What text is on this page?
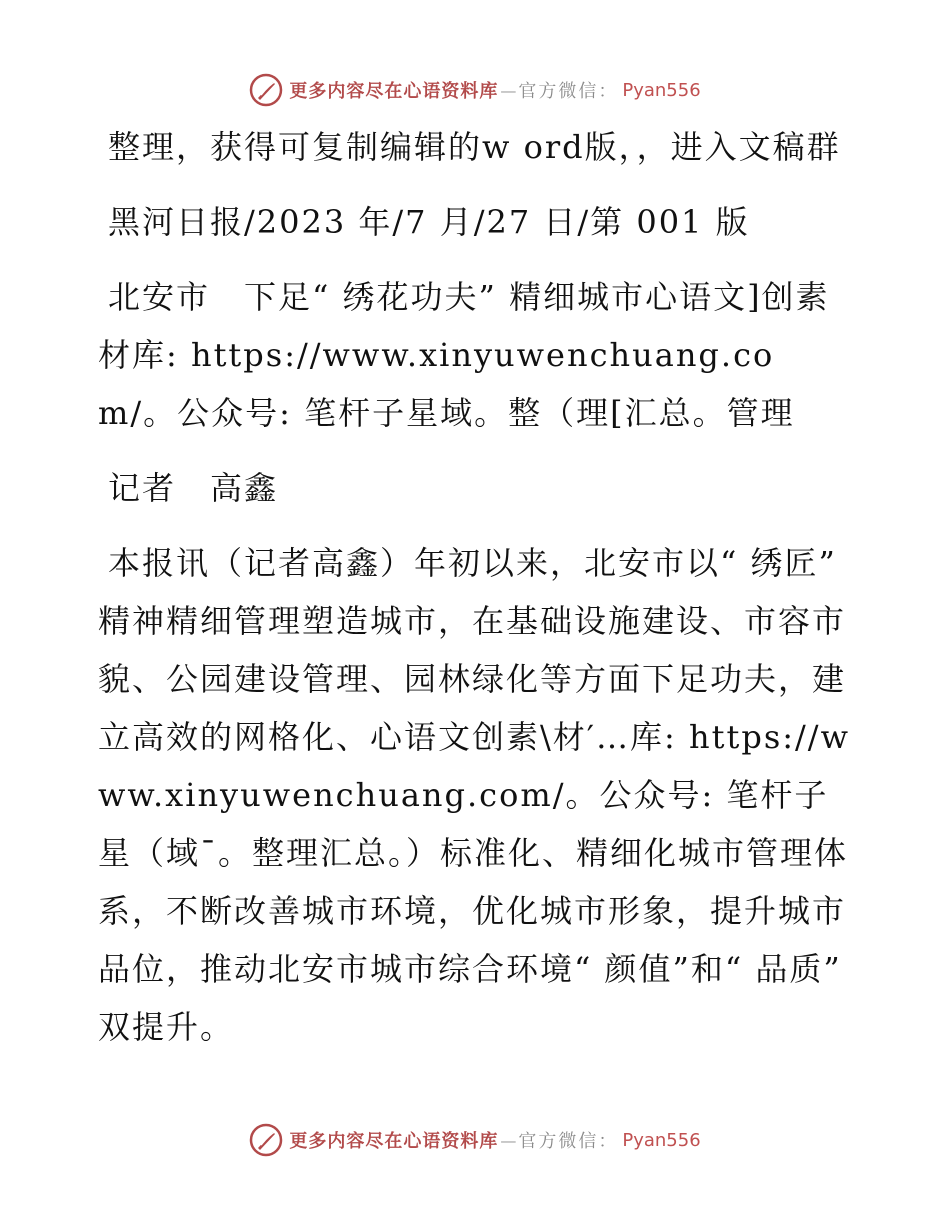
更多内容尽在心语资料库 — 官方微信： Pyan556

整理，获得可复制编辑的w ord版，，进入文稿群

黑河日报/2023 年/7 月/27 日/第 001 版

北安市　下足“ 绣花功夫” 精细城市心语文]创素材库: https://www.xinyuwenchuang.com/。公众号: 笔杆子星域。整（理[汇总。管理

记者　高鑫

本报讯（记者高鑫）年初以来，北安市以“ 绣匠” 精神精细管理塑造城市，在基础设施建设、市容市貌、公园建设管理、园林绿化等方面下足功夫，建立高效的网格化、心语文创素\材′…库: https://www.xinyuwenchuang.com/。公众号: 笔杆子星（域¯。整理汇总。）标准化、精细化城市管理体系，不断改善城市环境，优化城市形象，提升城市品位，推动北安市城市综合环境“ 颜值”和“ 品质” 双提升。

更多内容尽在心语资料库 — 官方微信： Pyan556
